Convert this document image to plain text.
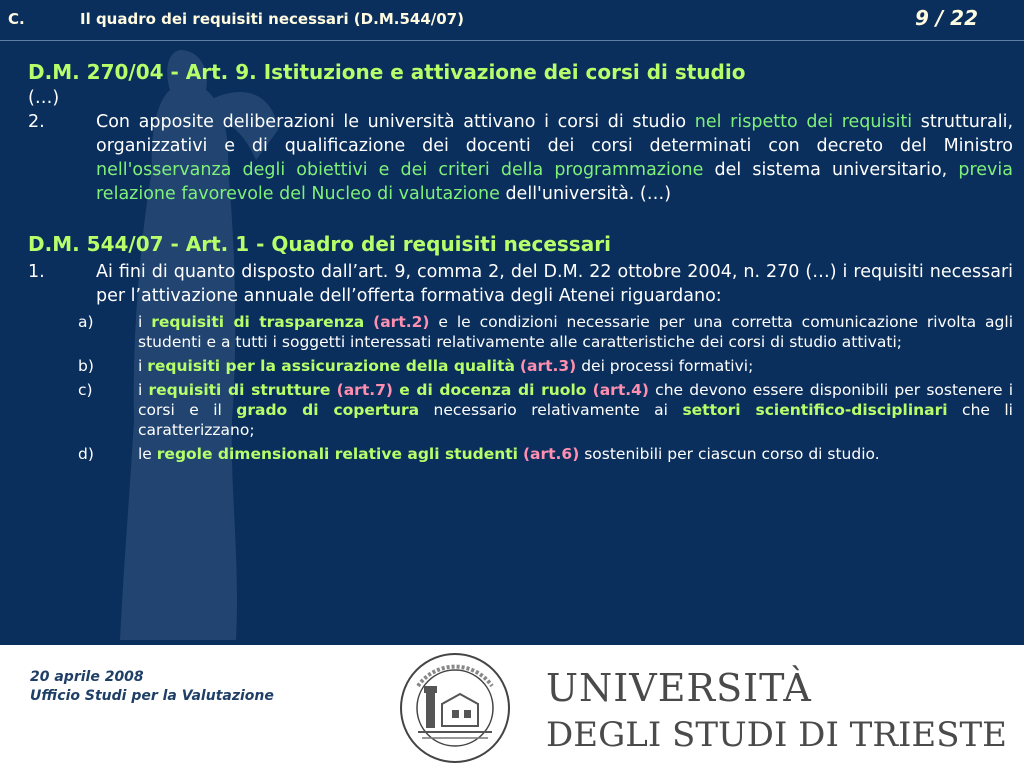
C.	Il quadro dei requisiti necessari (D.M.544/07)	9 / 22
D.M. 270/04 - Art. 9. Istituzione e attivazione dei corsi di studio
(…)
2.	Con apposite deliberazioni le università attivano i corsi di studio nel rispetto dei requisiti strutturali, organizzativi e di qualificazione dei docenti dei corsi determinati con decreto del Ministro nell'osservanza degli obiettivi e dei criteri della programmazione del sistema universitario, previa relazione favorevole del Nucleo di valutazione dell'università. (…)
D.M. 544/07 - Art. 1 - Quadro dei requisiti necessari
1.	Ai fini di quanto disposto dall’art. 9, comma 2, del D.M. 22 ottobre 2004, n. 270 (…) i requisiti necessari per l’attivazione annuale dell’offerta formativa degli Atenei riguardano:
a)	i requisiti di trasparenza (art.2) e le condizioni necessarie per una corretta comunicazione rivolta agli studenti e a tutti i soggetti interessati relativamente alle caratteristiche dei corsi di studio attivati;
b)	i requisiti per la assicurazione della qualità (art.3) dei processi formativi;
c)	i requisiti di strutture (art.7) e di docenza di ruolo (art.4) che devono essere disponibili per sostenere i corsi e il grado di copertura necessario relativamente ai settori scientifico-disciplinari che li caratterizzano;
d)	le regole dimensionali relative agli studenti (art.6) sostenibili per ciascun corso di studio.
20 aprile 2008
Ufficio Studi per la Valutazione	UNIVERSITÀ
DEGLI STUDI DI TRIESTE
